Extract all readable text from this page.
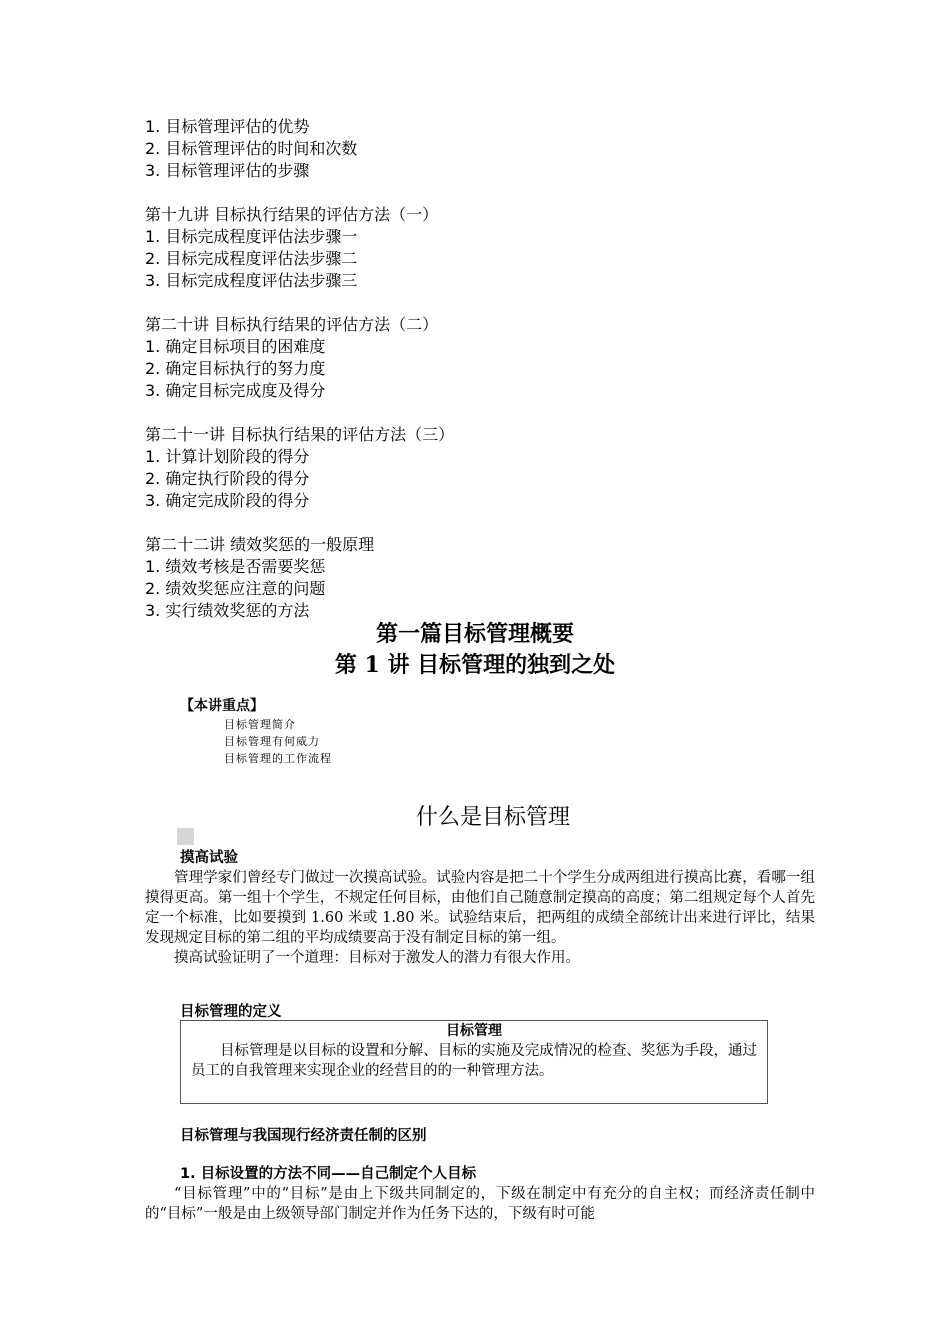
1. 目标管理评估的优势
2. 目标管理评估的时间和次数
3. 目标管理评估的步骤
第十九讲 目标执行结果的评估方法（一）
1. 目标完成程度评估法步骤一
2. 目标完成程度评估法步骤二
3. 目标完成程度评估法步骤三
第二十讲 目标执行结果的评估方法（二）
1. 确定目标项目的困难度
2. 确定目标执行的努力度
3. 确定目标完成度及得分
第二十一讲 目标执行结果的评估方法（三）
1. 计算计划阶段的得分
2. 确定执行阶段的得分
3. 确定完成阶段的得分
第二十二讲 绩效奖惩的一般原理
1. 绩效考核是否需要奖惩
2. 绩效奖惩应注意的问题
3. 实行绩效奖惩的方法
第一篇目标管理概要
第 1 讲 目标管理的独到之处
【本讲重点】
目标管理简介
目标管理有何威力
目标管理的工作流程
什么是目标管理
摸高试验

管理学家们曾经专门做过一次摸高试验。试验内容是把二十个学生分成两组进行摸高比赛，看哪一组摸得更高。第一组十个学生，不规定任何目标，由他们自己随意制定摸高的高度；第二组规定每个人首先定一个标准，比如要摸到 1.60 米或 1.80 米。试验结束后，把两组的成绩全部统计出来进行评比，结果发现规定目标的第二组的平均成绩要高于没有制定目标的第一组。

摸高试验证明了一个道理：目标对于激发人的潜力有很大作用。

目标管理的定义
目标管理

目标管理是以目标的设置和分解、目标的实施及完成情况的检查、奖惩为手段，通过员工的自我管理来实现企业的经营目的的一种管理方法。

目标管理与我国现行经济责任制的区别
1. 目标设置的方法不同——自己制定个人目标

“目标管理”中的“目标”是由上下级共同制定的，下级在制定中有充分的自主权；而经济责任制中的“目标”一般是由上级领导部门制定并作为任务下达的，下级有时可能
